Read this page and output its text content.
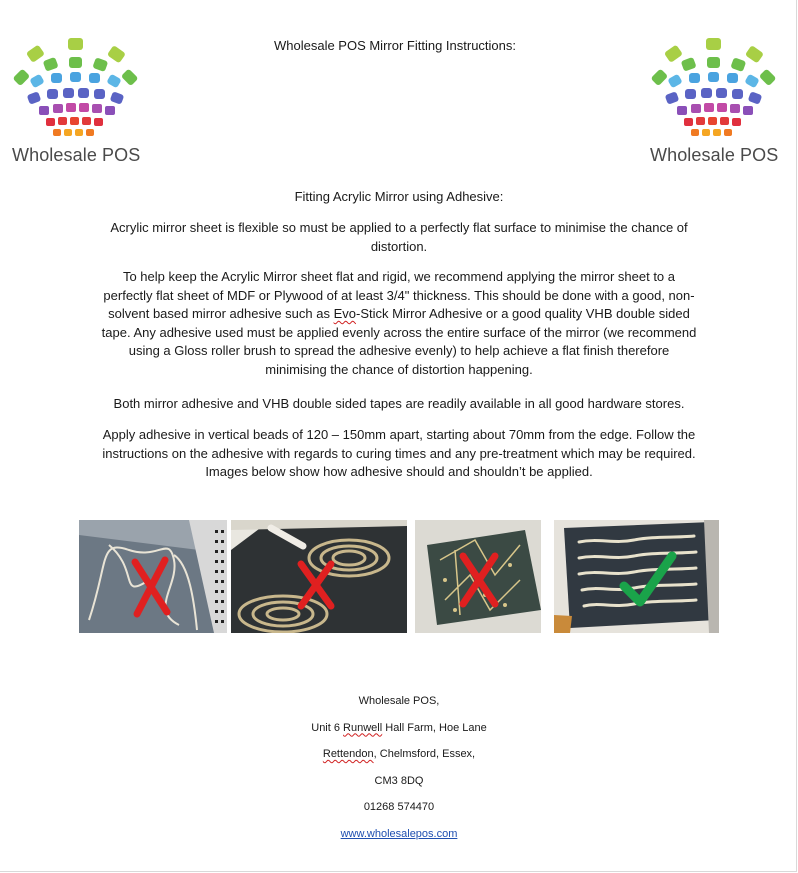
Wholesale POS
Wholesale POS Mirror Fitting Instructions:
Wholesale POS
Fitting Acrylic Mirror using Adhesive:

Acrylic mirror sheet is flexible so must be applied to a perfectly flat surface to minimise the chance of distortion.

To help keep the Acrylic Mirror sheet flat and rigid, we recommend applying the mirror sheet to a perfectly flat sheet of MDF or Plywood of at least 3/4" thickness. This should be done with a good, non-solvent based mirror adhesive such as Evo-Stick Mirror Adhesive or a good quality VHB double sided tape. Any adhesive used must be applied evenly across the entire surface of the mirror (we recommend using a Gloss roller brush to spread the adhesive evenly) to help achieve a flat finish therefore minimising the chance of distortion happening.

Both mirror adhesive and VHB double sided tapes are readily available in all good hardware stores.

Apply adhesive in vertical beads of 120 – 150mm apart, starting about 70mm from the edge. Follow the instructions on the adhesive with regards to curing times and any pre-treatment which may be required. Images below show how adhesive should and shouldn’t be applied.

Wholesale POS,
Unit 6 Runwell Hall Farm, Hoe Lane
Rettendon, Chelmsford, Essex,
CM3 8DQ
01268 574470
www.wholesalepos.com
